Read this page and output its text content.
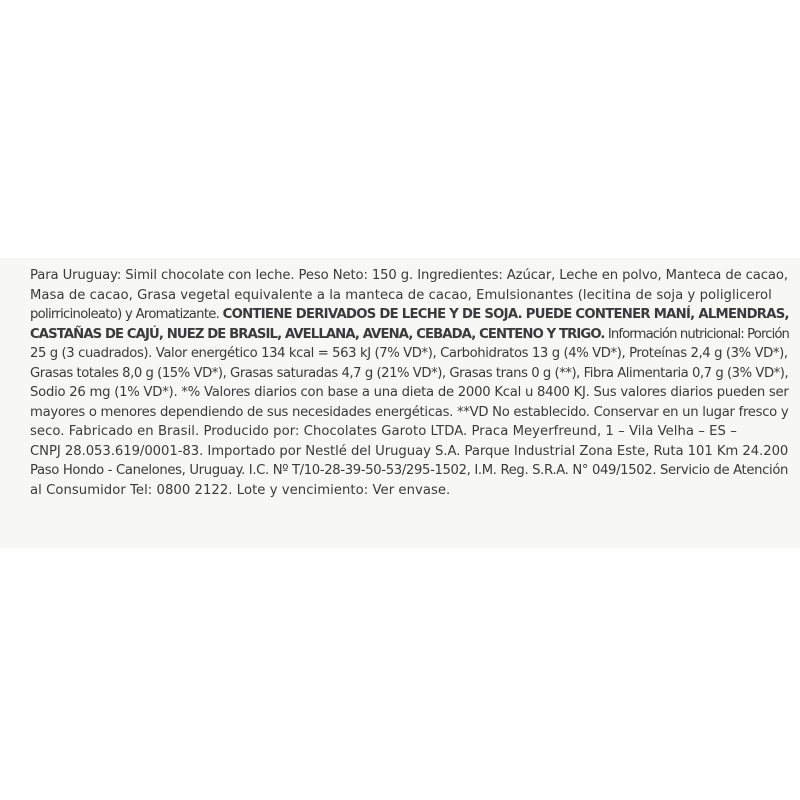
Para Uruguay: Simil chocolate con leche. Peso Neto: 150 g. Ingredientes: Azúcar, Leche en polvo, Manteca de cacao,
Masa de cacao, Grasa vegetal equivalente a la manteca de cacao, Emulsionantes (lecitina de soja y poliglicerol
polirricinoleato) y Aromatizante. CONTIENE DERIVADOS DE LECHE Y DE SOJA. PUEDE CONTENER MANÍ, ALMENDRAS,
CASTAÑAS DE CAJÚ, NUEZ DE BRASIL, AVELLANA, AVENA, CEBADA, CENTENO Y TRIGO. Información nutricional: Porción
25 g (3 cuadrados). Valor energético 134 kcal = 563 kJ (7% VD*), Carbohidratos 13 g (4% VD*), Proteínas 2,4 g (3% VD*),
Grasas totales 8,0 g (15% VD*), Grasas saturadas 4,7 g (21% VD*), Grasas trans 0 g (**), Fibra Alimentaria 0,7 g (3% VD*),
Sodio 26 mg (1% VD*). *% Valores diarios con base a una dieta de 2000 Kcal u 8400 KJ. Sus valores diarios pueden ser
mayores o menores dependiendo de sus necesidades energéticas. **VD No establecido. Conservar en un lugar fresco y
seco. Fabricado en Brasil. Producido por: Chocolates Garoto LTDA. Praca Meyerfreund, 1 – Vila Velha – ES –
CNPJ 28.053.619/0001-83. Importado por Nestlé del Uruguay S.A. Parque Industrial Zona Este, Ruta 101 Km 24.200
Paso Hondo - Canelones, Uruguay. I.C. Nº T/10-28-39-50-53/295-1502, I.M. Reg. S.R.A. N° 049/1502. Servicio de Atención
al Consumidor Tel: 0800 2122. Lote y vencimiento: Ver envase.
